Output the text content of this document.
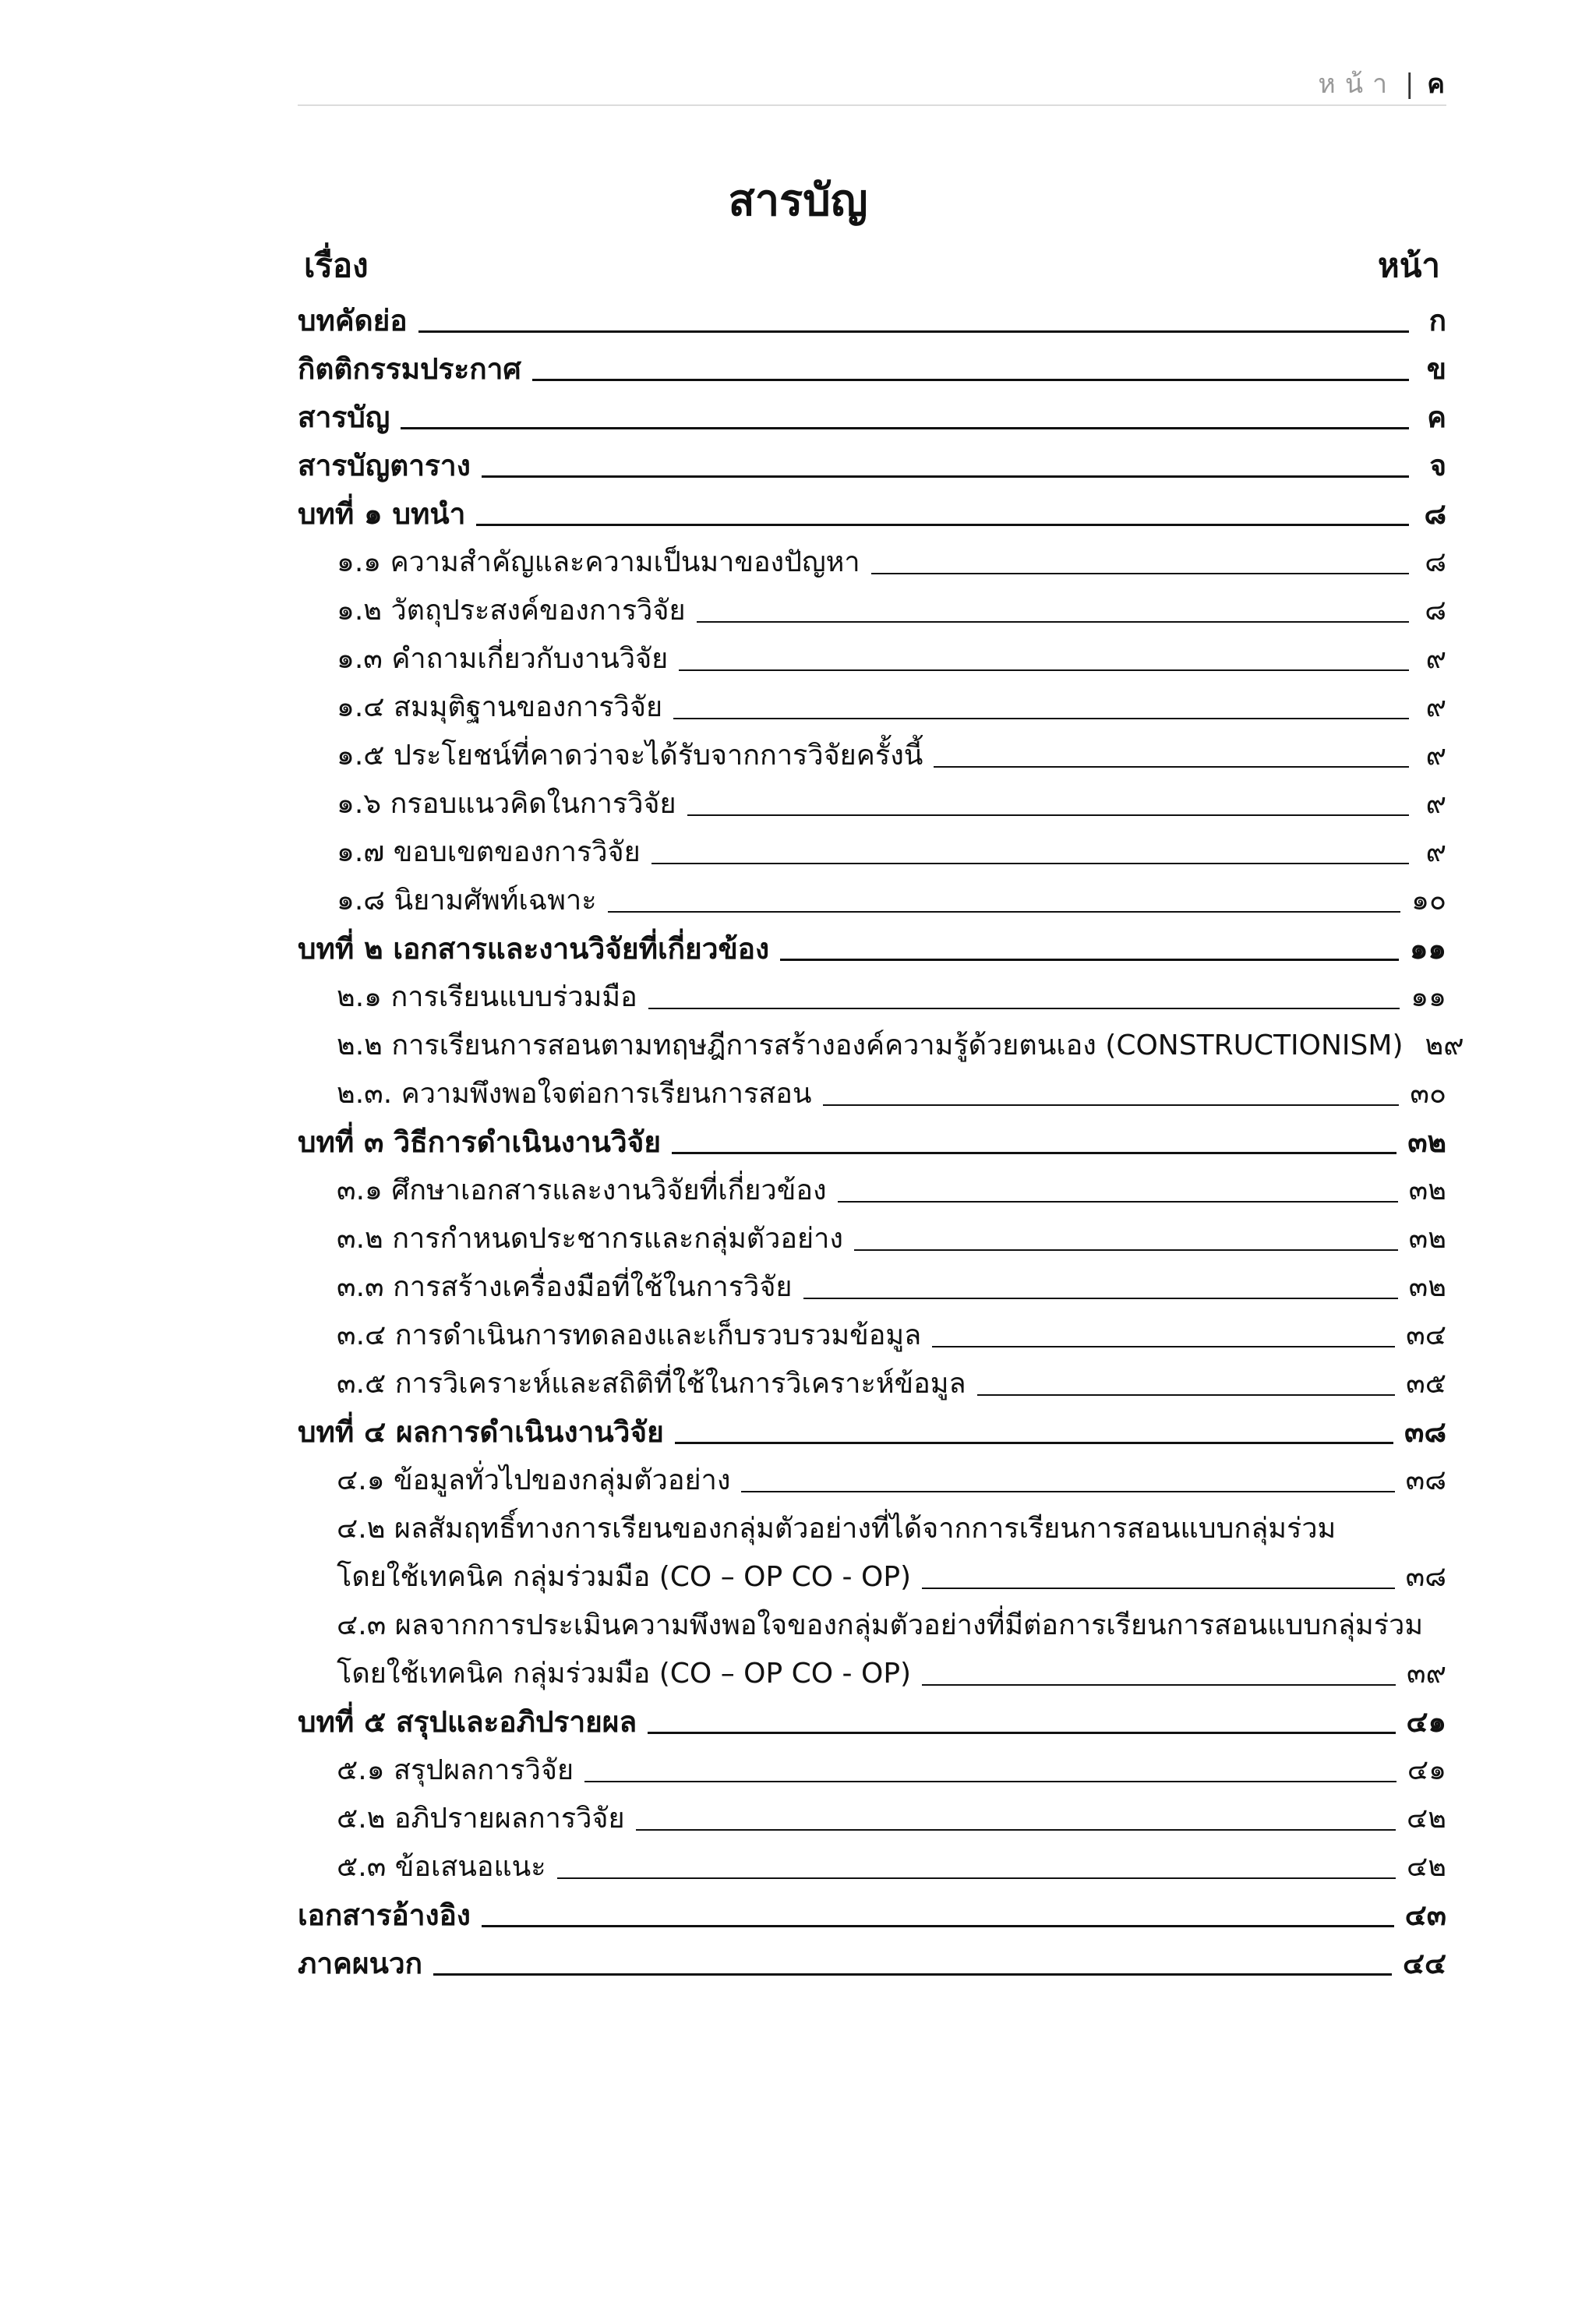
หน้า | ค
สารบัญ
เรื่อง	หน้า
บทคัดย่อ	ก
กิตติกรรมประกาศ	ข
สารบัญ	ค
สารบัญตาราง	จ
บทที่ ๑ บทนำ	๘
๑.๑ ความสำคัญและความเป็นมาของปัญหา	๘
๑.๒ วัตถุประสงค์ของการวิจัย	๘
๑.๓ คำถามเกี่ยวกับงานวิจัย	๙
๑.๔ สมมุติฐานของการวิจัย	๙
๑.๕ ประโยชน์ที่คาดว่าจะได้รับจากการวิจัยครั้งนี้	๙
๑.๖ กรอบแนวคิดในการวิจัย	๙
๑.๗ ขอบเขตของการวิจัย	๙
๑.๘ นิยามศัพท์เฉพาะ	๑๐
บทที่ ๒ เอกสารและงานวิจัยที่เกี่ยวข้อง	๑๑
๒.๑ การเรียนแบบร่วมมือ	๑๑
๒.๒ การเรียนการสอนตามทฤษฎีการสร้างองค์ความรู้ด้วยตนเอง (CONSTRUCTIONISM) ๒๙
๒.๓. ความพึงพอใจต่อการเรียนการสอน	๓๐
บทที่ ๓ วิธีการดำเนินงานวิจัย	๓๒
๓.๑ ศึกษาเอกสารและงานวิจัยที่เกี่ยวข้อง	๓๒
๓.๒ การกำหนดประชากรและกลุ่มตัวอย่าง	๓๒
๓.๓ การสร้างเครื่องมือที่ใช้ในการวิจัย	๓๒
๓.๔ การดำเนินการทดลองและเก็บรวบรวมข้อมูล	๓๔
๓.๕ การวิเคราะห์และสถิติที่ใช้ในการวิเคราะห์ข้อมูล	๓๕
บทที่ ๔ ผลการดำเนินงานวิจัย	๓๘
๔.๑ ข้อมูลทั่วไปของกลุ่มตัวอย่าง	๓๘
๔.๒ ผลสัมฤทธิ์ทางการเรียนของกลุ่มตัวอย่างที่ได้จากการเรียนการสอนแบบกลุ่มร่วม
โดยใช้เทคนิค กลุ่มร่วมมือ (CO – OP CO - OP)	๓๘
๔.๓ ผลจากการประเมินความพึงพอใจของกลุ่มตัวอย่างที่มีต่อการเรียนการสอนแบบกลุ่มร่วม
โดยใช้เทคนิค กลุ่มร่วมมือ (CO – OP CO - OP)	๓๙
บทที่ ๕ สรุปและอภิปรายผล	๔๑
๕.๑ สรุปผลการวิจัย	๔๑
๕.๒ อภิปรายผลการวิจัย	๔๒
๕.๓ ข้อเสนอแนะ	๔๒
เอกสารอ้างอิง	๔๓
ภาคผนวก	๔๔
